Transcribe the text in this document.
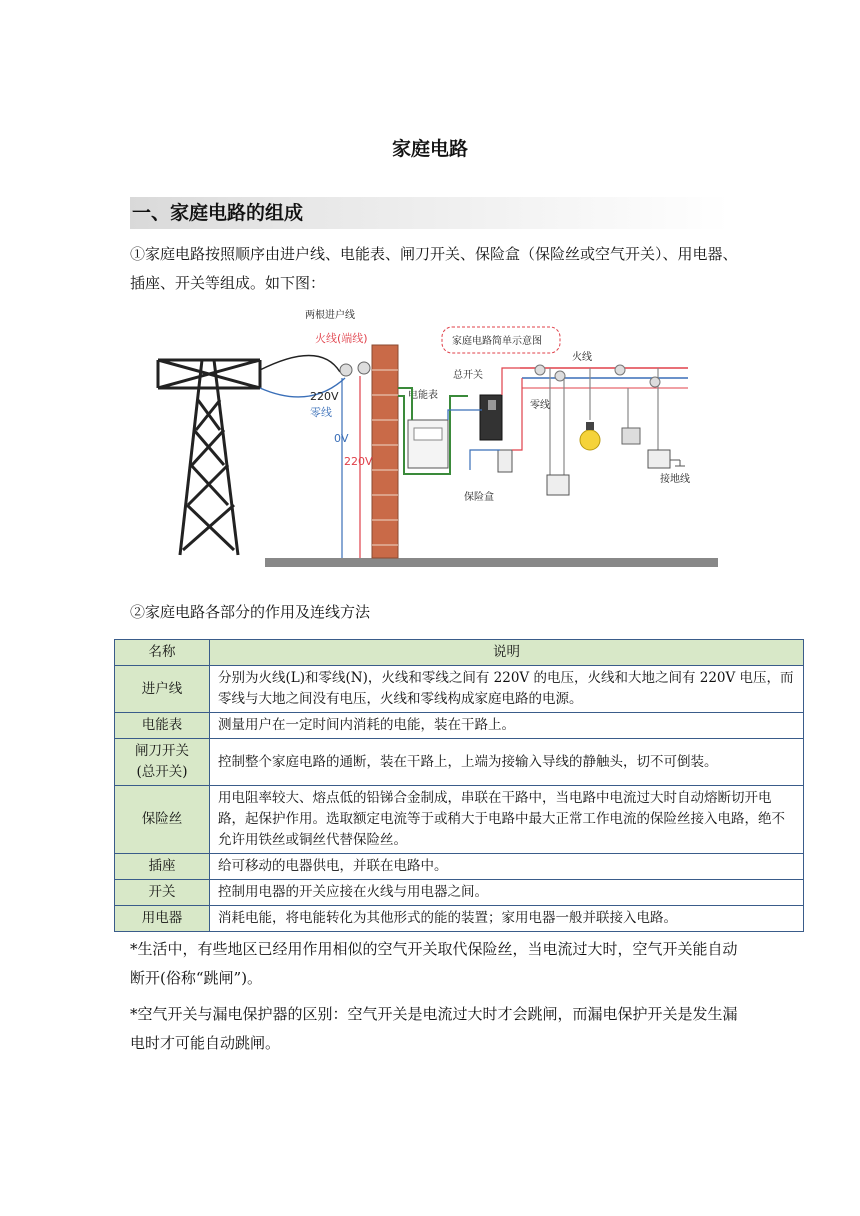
家庭电路
一、家庭电路的组成
①家庭电路按照顺序由进户线、电能表、闸刀开关、保险盒（保险丝或空气开关）、用电器、插座、开关等组成。如下图：
两根进户线
火线(端线)
220V
零线
0V
220V
电能表
总开关
保险盒
家庭电路简单示意图
火线
零线
接地线
②家庭电路各部分的作用及连线方法
名称	说明
进户线	分别为火线(L)和零线(N)，火线和零线之间有 220V 的电压，火线和大地之间有 220V 电压，而零线与大地之间没有电压，火线和零线构成家庭电路的电源。
电能表	测量用户在一定时间内消耗的电能，装在干路上。
闸刀开关
(总开关)	控制整个家庭电路的通断，装在干路上，上端为接输入导线的静触头，切不可倒装。
保险丝	用电阻率较大、熔点低的铅锑合金制成，串联在干路中，当电路中电流过大时自动熔断切开电路，起保护作用。选取额定电流等于或稍大于电路中最大正常工作电流的保险丝接入电路，绝不允许用铁丝或铜丝代替保险丝。
插座	给可移动的电器供电，并联在电路中。
开关	控制用电器的开关应接在火线与用电器之间。
用电器	消耗电能，将电能转化为其他形式的能的装置；家用电器一般并联接入电路。
*生活中，有些地区已经用作用相似的空气开关取代保险丝，当电流过大时，空气开关能自动断开(俗称“跳闸”)。
*空气开关与漏电保护器的区别：空气开关是电流过大时才会跳闸，而漏电保护开关是发生漏电时才可能自动跳闸。
